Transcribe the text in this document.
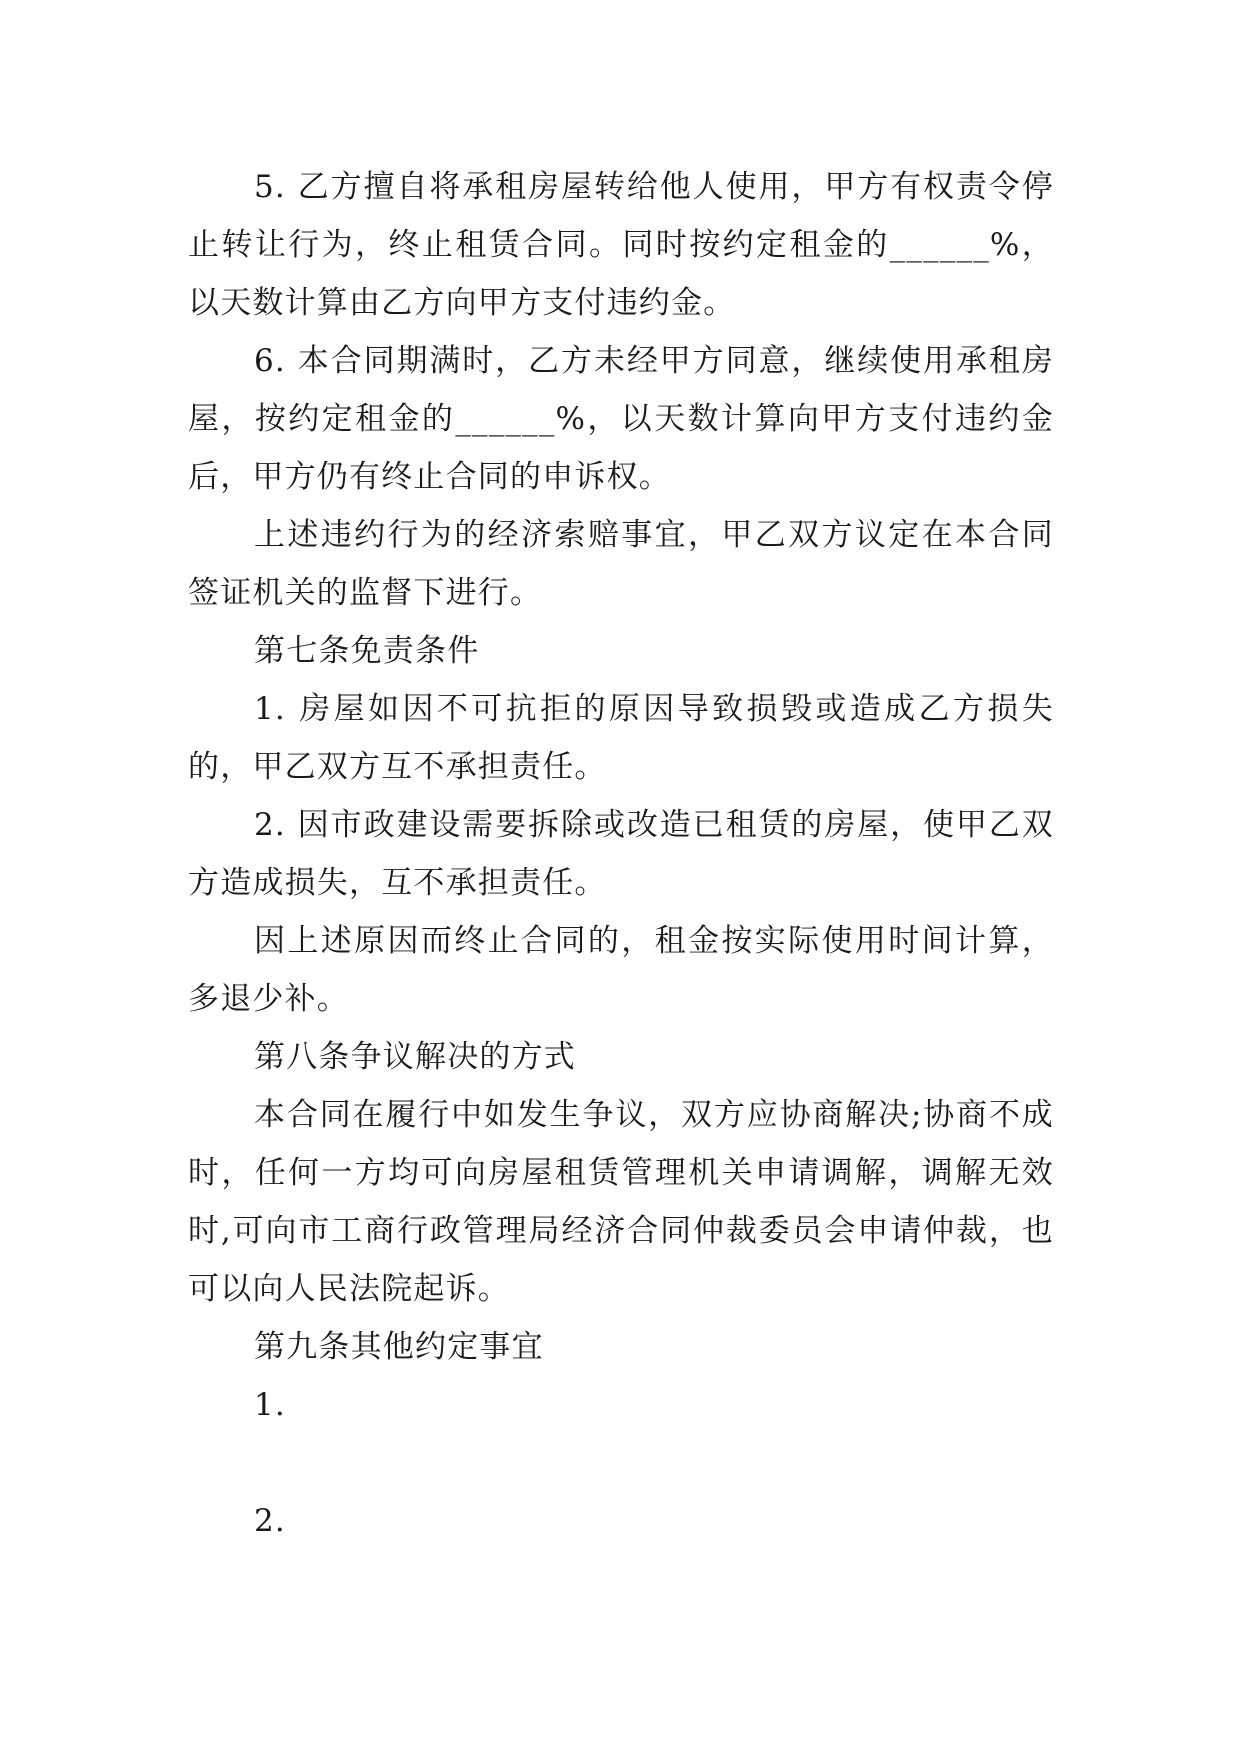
5. 乙方擅自将承租房屋转给他人使用，甲方有权责令停止转让行为，终止租赁合同。同时按约定租金的______%，以天数计算由乙方向甲方支付违约金。

6. 本合同期满时，乙方未经甲方同意，继续使用承租房屋，按约定租金的______%，以天数计算向甲方支付违约金后，甲方仍有终止合同的申诉权。

上述违约行为的经济索赔事宜，甲乙双方议定在本合同签证机关的监督下进行。

第七条免责条件

1. 房屋如因不可抗拒的原因导致损毁或造成乙方损失的，甲乙双方互不承担责任。

2. 因市政建设需要拆除或改造已租赁的房屋，使甲乙双方造成损失，互不承担责任。

因上述原因而终止合同的，租金按实际使用时间计算，多退少补。

第八条争议解决的方式

本合同在履行中如发生争议，双方应协商解决;协商不成时，任何一方均可向房屋租赁管理机关申请调解，调解无效时,可向市工商行政管理局经济合同仲裁委员会申请仲裁，也可以向人民法院起诉。

第九条其他约定事宜

1.

2.
